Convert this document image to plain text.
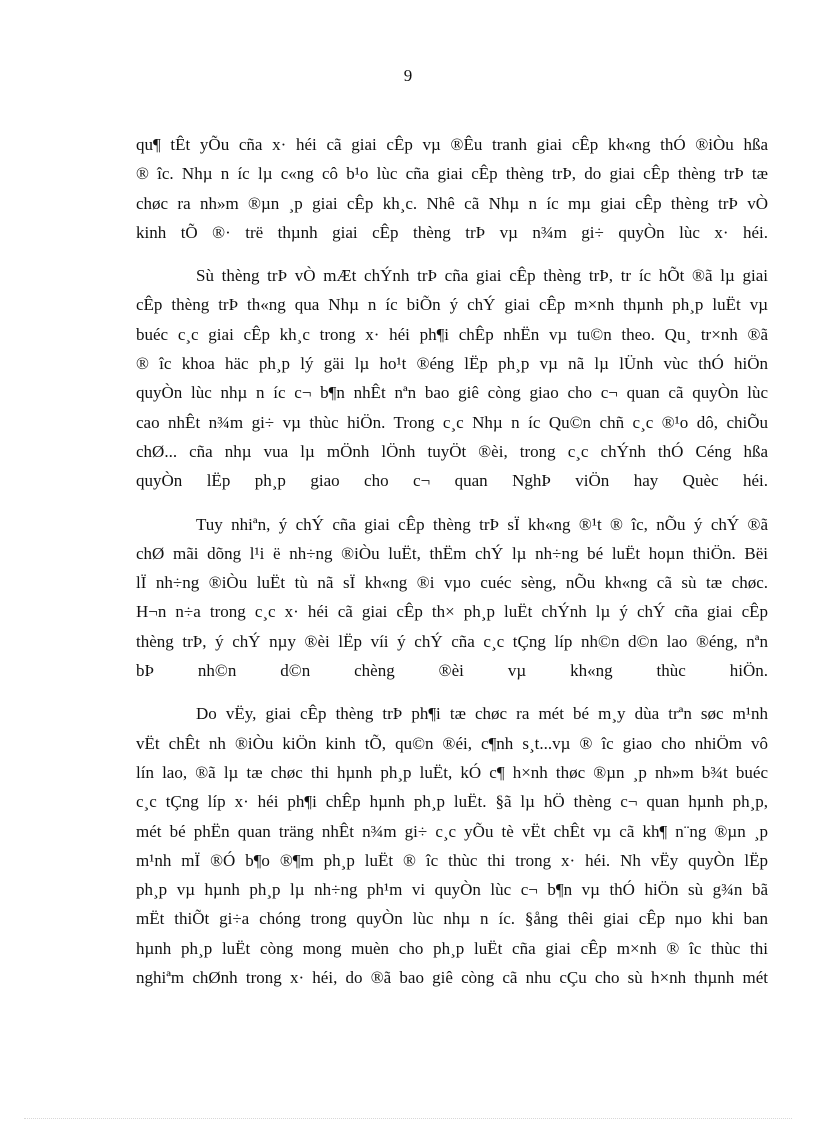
9
qu¶ tÊt yÕu cña x· héi cã giai cÊp vµ ®Êu tranh giai cÊp kh«ng thÓ ®iÒu hßa
® îc. Nhµ n íc lµ c«ng cô b¹o lùc cña giai cÊp thèng trÞ, do giai cÊp thèng trÞ tæ
chøc ra nh»m ®µn ¸p giai cÊp kh¸c. Nhê cã Nhµ n íc mµ giai cÊp thèng trÞ vÒ
kinh tÕ ®· trë thµnh giai cÊp thèng trÞ vµ n¾m gi÷ quyÒn lùc x· héi.
Sù thèng trÞ vÒ mÆt chÝnh trÞ cña giai cÊp thèng trÞ, tr íc hÕt ®ã lµ giai
cÊp thèng trÞ th«ng qua Nhµ n íc biÕn ý chÝ giai cÊp m×nh thµnh ph¸p luËt vµ
buéc c¸c giai cÊp kh¸c trong x· héi ph¶i chÊp nhËn vµ tu©n theo. Qu¸ tr×nh ®ã
® îc khoa häc ph¸p lý gäi lµ ho¹t ®éng lËp ph¸p vµ nã lµ lÜnh vùc thÓ hiÖn
quyÒn lùc nhµ n íc c¬ b¶n nhÊt nªn bao giê còng giao cho c¬ quan cã quyÒn lùc
cao nhÊt n¾m gi÷ vµ thùc hiÖn. Trong c¸c Nhµ n íc Qu©n chñ c¸c ®¹o dô, chiÕu
chØ... cña nhµ vua lµ mÖnh lÖnh tuyÖt ®èi, trong c¸c chÝnh thÓ Céng hßa
quyÒn lËp ph¸p giao cho c¬ quan NghÞ viÖn hay Quèc héi.
Tuy nhiªn, ý chÝ cña giai cÊp thèng trÞ sÏ kh«ng ®¹t ® îc, nÕu ý chÝ ®ã
chØ mãi dõng l¹i ë nh÷ng ®iÒu luËt, thËm chÝ lµ nh÷ng bé luËt hoµn thiÖn. Bëi
lÏ nh÷ng ®iÒu luËt tù nã sÏ kh«ng ®i vµo cuéc sèng, nÕu kh«ng cã sù tæ chøc.
H¬n n÷a trong c¸c x· héi cã giai cÊp th× ph¸p luËt chÝnh lµ ý chÝ cña giai cÊp
thèng trÞ, ý chÝ nµy ®èi lËp víi ý chÝ cña c¸c tÇng líp nh©n d©n lao ®éng, nªn
bÞ nh©n d©n chèng ®èi vµ kh«ng thùc hiÖn.
Do vËy, giai cÊp thèng trÞ ph¶i tæ chøc ra mét bé m¸y dùa trªn søc m¹nh
vËt chÊt nh ®iÒu kiÖn kinh tÕ, qu©n ®éi, c¶nh s¸t...vµ ® îc giao cho nhiÖm vô
lín lao, ®ã lµ tæ chøc thi hµnh ph¸p luËt, kÓ c¶ h×nh thøc ®µn ¸p nh»m b¾t buéc
c¸c tÇng líp x· héi ph¶i chÊp hµnh ph¸p luËt. §ã lµ hÖ thèng c¬ quan hµnh ph¸p,
mét bé phËn quan träng nhÊt n¾m gi÷ c¸c yÕu tè vËt chÊt vµ cã kh¶ n¨ng ®µn ¸p
m¹nh mÏ ®Ó b¶o ®¶m ph¸p luËt ® îc thùc thi trong x· héi. Nh vËy quyÒn lËp
ph¸p vµ hµnh ph¸p lµ nh÷ng ph¹m vi quyÒn lùc c¬ b¶n vµ thÓ hiÖn sù g¾n bã
mËt thiÕt gi÷a chóng trong quyÒn lùc nhµ n íc. §ång thêi giai cÊp nµo khi ban
hµnh ph¸p luËt còng mong muèn cho ph¸p luËt cña giai cÊp m×nh ® îc thùc thi
nghiªm chØnh trong x· héi, do ®ã bao giê còng cã nhu cÇu cho sù h×nh thµnh mét
